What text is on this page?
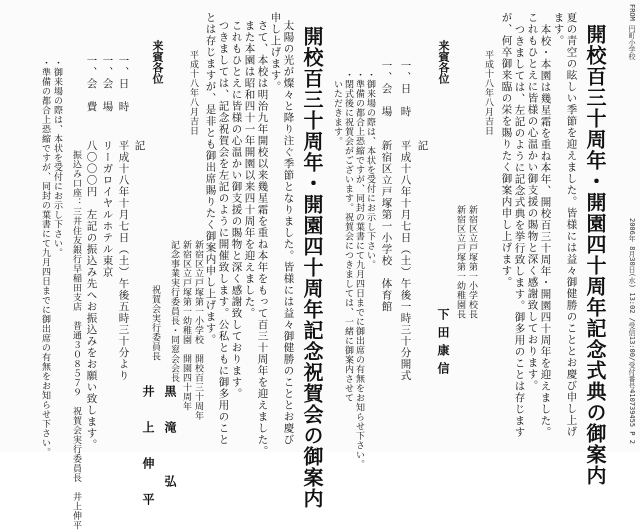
FROM 円町小学校
2006年 8月30日(水) 13:02 /受信13:00/受付番号410739455 P 2
開校百三十周年・開園四十周年記念式典の御案内
夏の青空の眩しい季節を迎えました。皆様には益々御健勝のこととお慶び申し上げ
ます。
本校・本園は幾星霜を重ね本年、開校百三十周年・開園四十周年を迎えました。
これもひとえに皆様の心温かい御支援の賜物と深く感謝致しております。
つきましては、左記のように記念式典を挙行致します。御多用のことは存じます
が、何卒御来臨の栄を賜りたく御案内申し上げます。
平成十八年八月吉日
新宿区立戸塚第一小学校長
新宿区立戸塚第一幼稚園長
下田康信
来賓各位
記
一、日　時
平成十八年十月七日（土）午後一時三十分開式
一、会　場
新宿区立戸塚第一小学校　体育館
・御来場の際は、本状を受付にお示し下さい。
・準備の都合上恐縮ですが、同封の葉書にて九月四日までに御出席の有無をお知らせ下さい。
・閉式後に祝賀会がございます。祝賀会につきましては、一緒に御案内させて
　いただきます。
開校百三十周年・開園四十周年記念祝賀会の御案内
太陽の光が燦々と降り注ぐ季節となりました。皆様には益々御健勝のこととお慶び
申し上げます。
さて、本校は明治九年開校以来幾星霜を重ね本年をもって百三十周年を迎えました。
また本園は昭和四十一年開園以来四十周年を迎えました。
これもひとえに皆様の心温かい御支援の賜物と深く感謝致しております。
つきましては、記念祝賀会を左記のように開催致します。公私ともに御多用のこと
とは存じますが、是非とも御出席賜りたく御案内申し上げます。
新宿区立戸塚第一小学校　開校百三十周年
新宿区立戸塚第一幼稚園　開園四十周年
記念事業実行委員長・同窓会会長
黒　滝　　弘
祝賀会実行委員長
井　上　伸　平
平成十八年八月吉日
来賓各位
記
一、日　時
平成十八年十月七日（土）午後五時三十分より
一、会　場
リーガロイヤルホテル東京
一、会　費
八〇〇〇円　左記の振込み先へお振込みをお願い致します。
振込み口座：三井住友銀行早稲田支店　普通３０８５７９　祝賀会実行委員長　井上伸平
・御来場の際は、本状を受付にお示し下さい。
・準備の都合上恐縮ですが、同封の葉書にて九月四日までに御出席の有無をお知らせ下さい。
